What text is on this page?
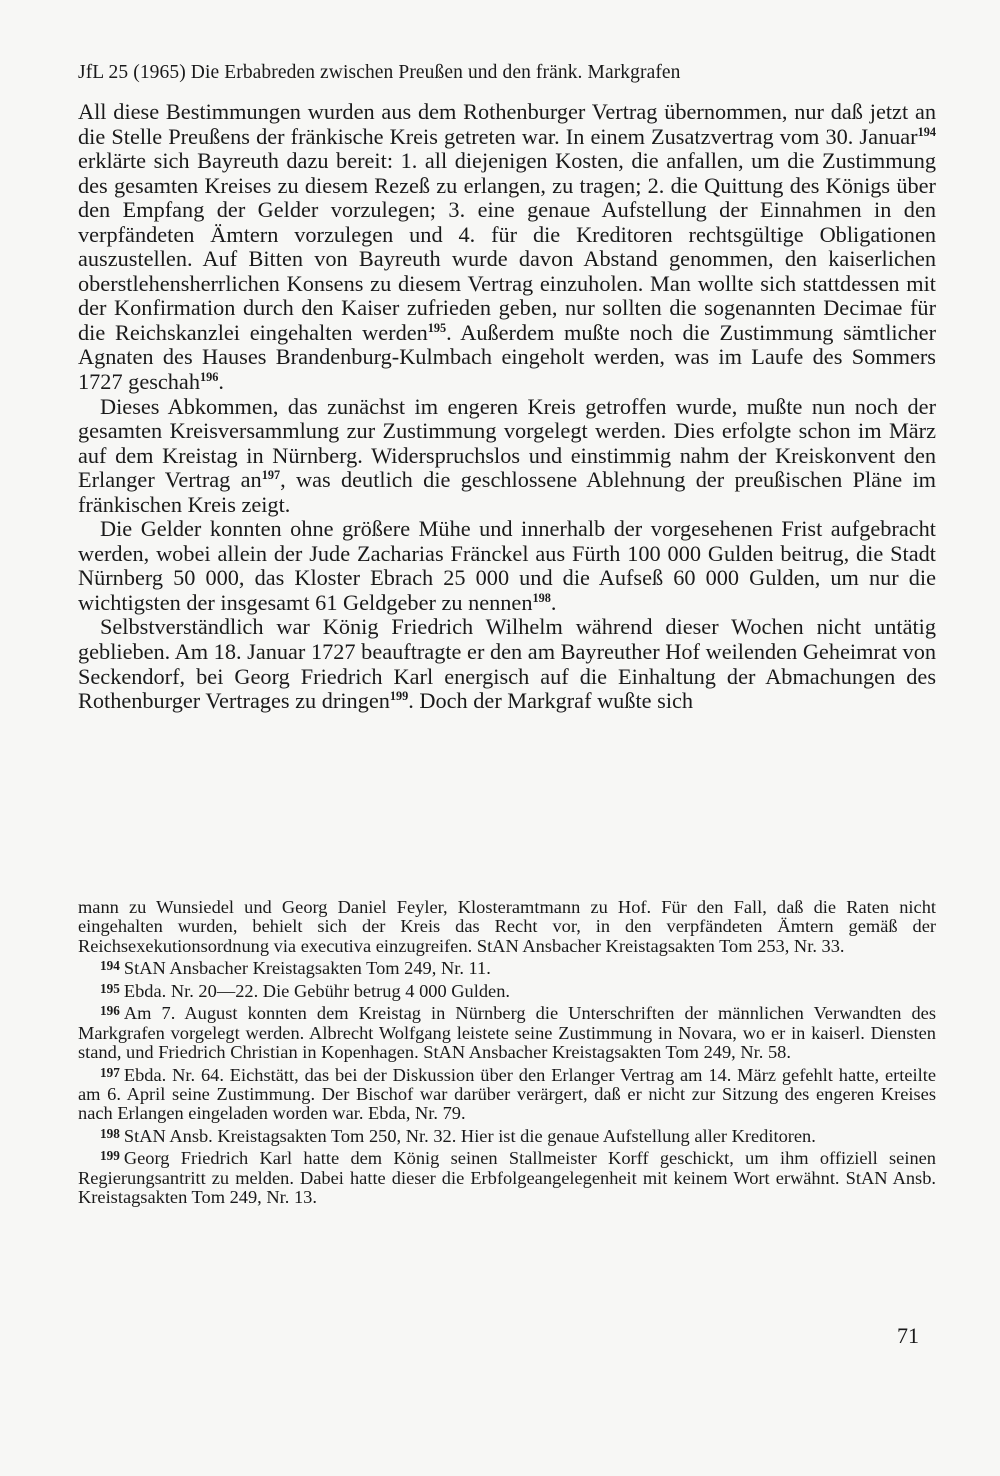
JfL 25 (1965) Die Erbabreden zwischen Preußen und den fränk. Markgrafen

All diese Bestimmungen wurden aus dem Rothenburger Vertrag übernommen, nur daß jetzt an die Stelle Preußens der fränkische Kreis getreten war. In einem Zusatzvertrag vom 30. Januar$^{194}$ erklärte sich Bayreuth dazu bereit: 1. all diejenigen Kosten, die anfallen, um die Zustimmung des gesamten Kreises zu diesem Rezeß zu erlangen, zu tragen; 2. die Quittung des Königs über den Empfang der Gelder vorzulegen; 3. eine genaue Aufstellung der Einnahmen in den verpfändeten Ämtern vorzulegen und 4. für die Kreditoren rechtsgültige Obligationen auszustellen. Auf Bitten von Bayreuth wurde davon Abstand genommen, den kaiserlichen oberstlehensherrlichen Konsens zu diesem Vertrag einzuholen. Man wollte sich stattdessen mit der Konfirmation durch den Kaiser zufrieden geben, nur sollten die sogenannten Decimae für die Reichskanzlei eingehalten werden$^{195}$. Außerdem mußte noch die Zustimmung sämtlicher Agnaten des Hauses Brandenburg-Kulmbach eingeholt werden, was im Laufe des Sommers 1727 geschah$^{196}$.

Dieses Abkommen, das zunächst im engeren Kreis getroffen wurde, mußte nun noch der gesamten Kreisversammlung zur Zustimmung vorgelegt werden. Dies erfolgte schon im März auf dem Kreistag in Nürnberg. Widerspruchslos und einstimmig nahm der Kreiskonvent den Erlanger Vertrag $an^{197}$, was deutlich die geschlossene Ablehnung der preußischen Pläne im fränkischen Kreis zeigt.

Die Gelder konnten ohne größere Mühe und innerhalb der vorgesehenen Frist aufgebracht werden, wobei allein der Jude Zacharias Fränckel aus Fürth 100 000 Gulden beitrug, die Stadt Nürnberg 50 000, das Kloster Ebrach 25 000 und die Aufseß 60 000 Gulden, um nur die wichtigsten der insgesamt 61 Geldgeber zu nennen$^{198}$.

Selbstverständlich war König Friedrich Wilhelm während dieser Wochen nicht untätig geblieben. Am 18. Januar 1727 beauftragte er den am Bayreuther Hof weilenden Geheimrat von Seckendorf, bei Georg Friedrich Karl energisch auf die Einhaltung der Abmachungen des Rothenburger Vertrages zu dringen$^{199}$. Doch der Markgraf wußte sich

mann zu Wunsiedel und Georg Daniel Feyler, Klosteramtmann zu Hof. Für den Fall, daß die Raten nicht eingehalten wurden, behielt sich der Kreis das Recht vor, in den verpfändeten Ämtern gemäß der Reichsexekutionsordnung via executiva einzugreifen. StAN Ansbacher Kreistagsakten Tom 253, Nr. 33.

$^{194}$ StAN Ansbacher Kreistagsakten Tom 249, Nr. 11.

$^{195}$ Ebda. Nr. 20—22. Die Gebühr betrug 4 000 Gulden.

$^{196}$ Am 7. August konnten dem Kreistag in Nürnberg die Unterschriften der männlichen Verwandten des Markgrafen vorgelegt werden. Albrecht Wolfgang leistete seine Zustimmung in Novara, wo er in kaiserl. Diensten stand, und Friedrich Christian in Kopenhagen. StAN Ansbacher Kreistagsakten Tom 249, Nr. 58.

$^{197}$ Ebda. Nr. 64. Eichstätt, das bei der Diskussion über den Erlanger Vertrag am 14. März gefehlt hatte, erteilte am 6. April seine Zustimmung. Der Bischof war darüber verärgert, daß er nicht zur Sitzung des engeren Kreises nach Erlangen eingeladen worden war. Ebda, Nr. 79.

$^{198}$ StAN Ansb. Kreistagsakten Tom 250, Nr. 32. Hier ist die genaue Aufstellung aller Kreditoren.

$^{199}$ Georg Friedrich Karl hatte dem König seinen Stallmeister Korff geschickt, um ihm offiziell seinen Regierungsantritt zu melden. Dabei hatte dieser die Erbfolgeangelegenheit mit keinem Wort erwähnt. StAN Ansb. Kreistagsakten Tom 249, Nr. 13.

71
